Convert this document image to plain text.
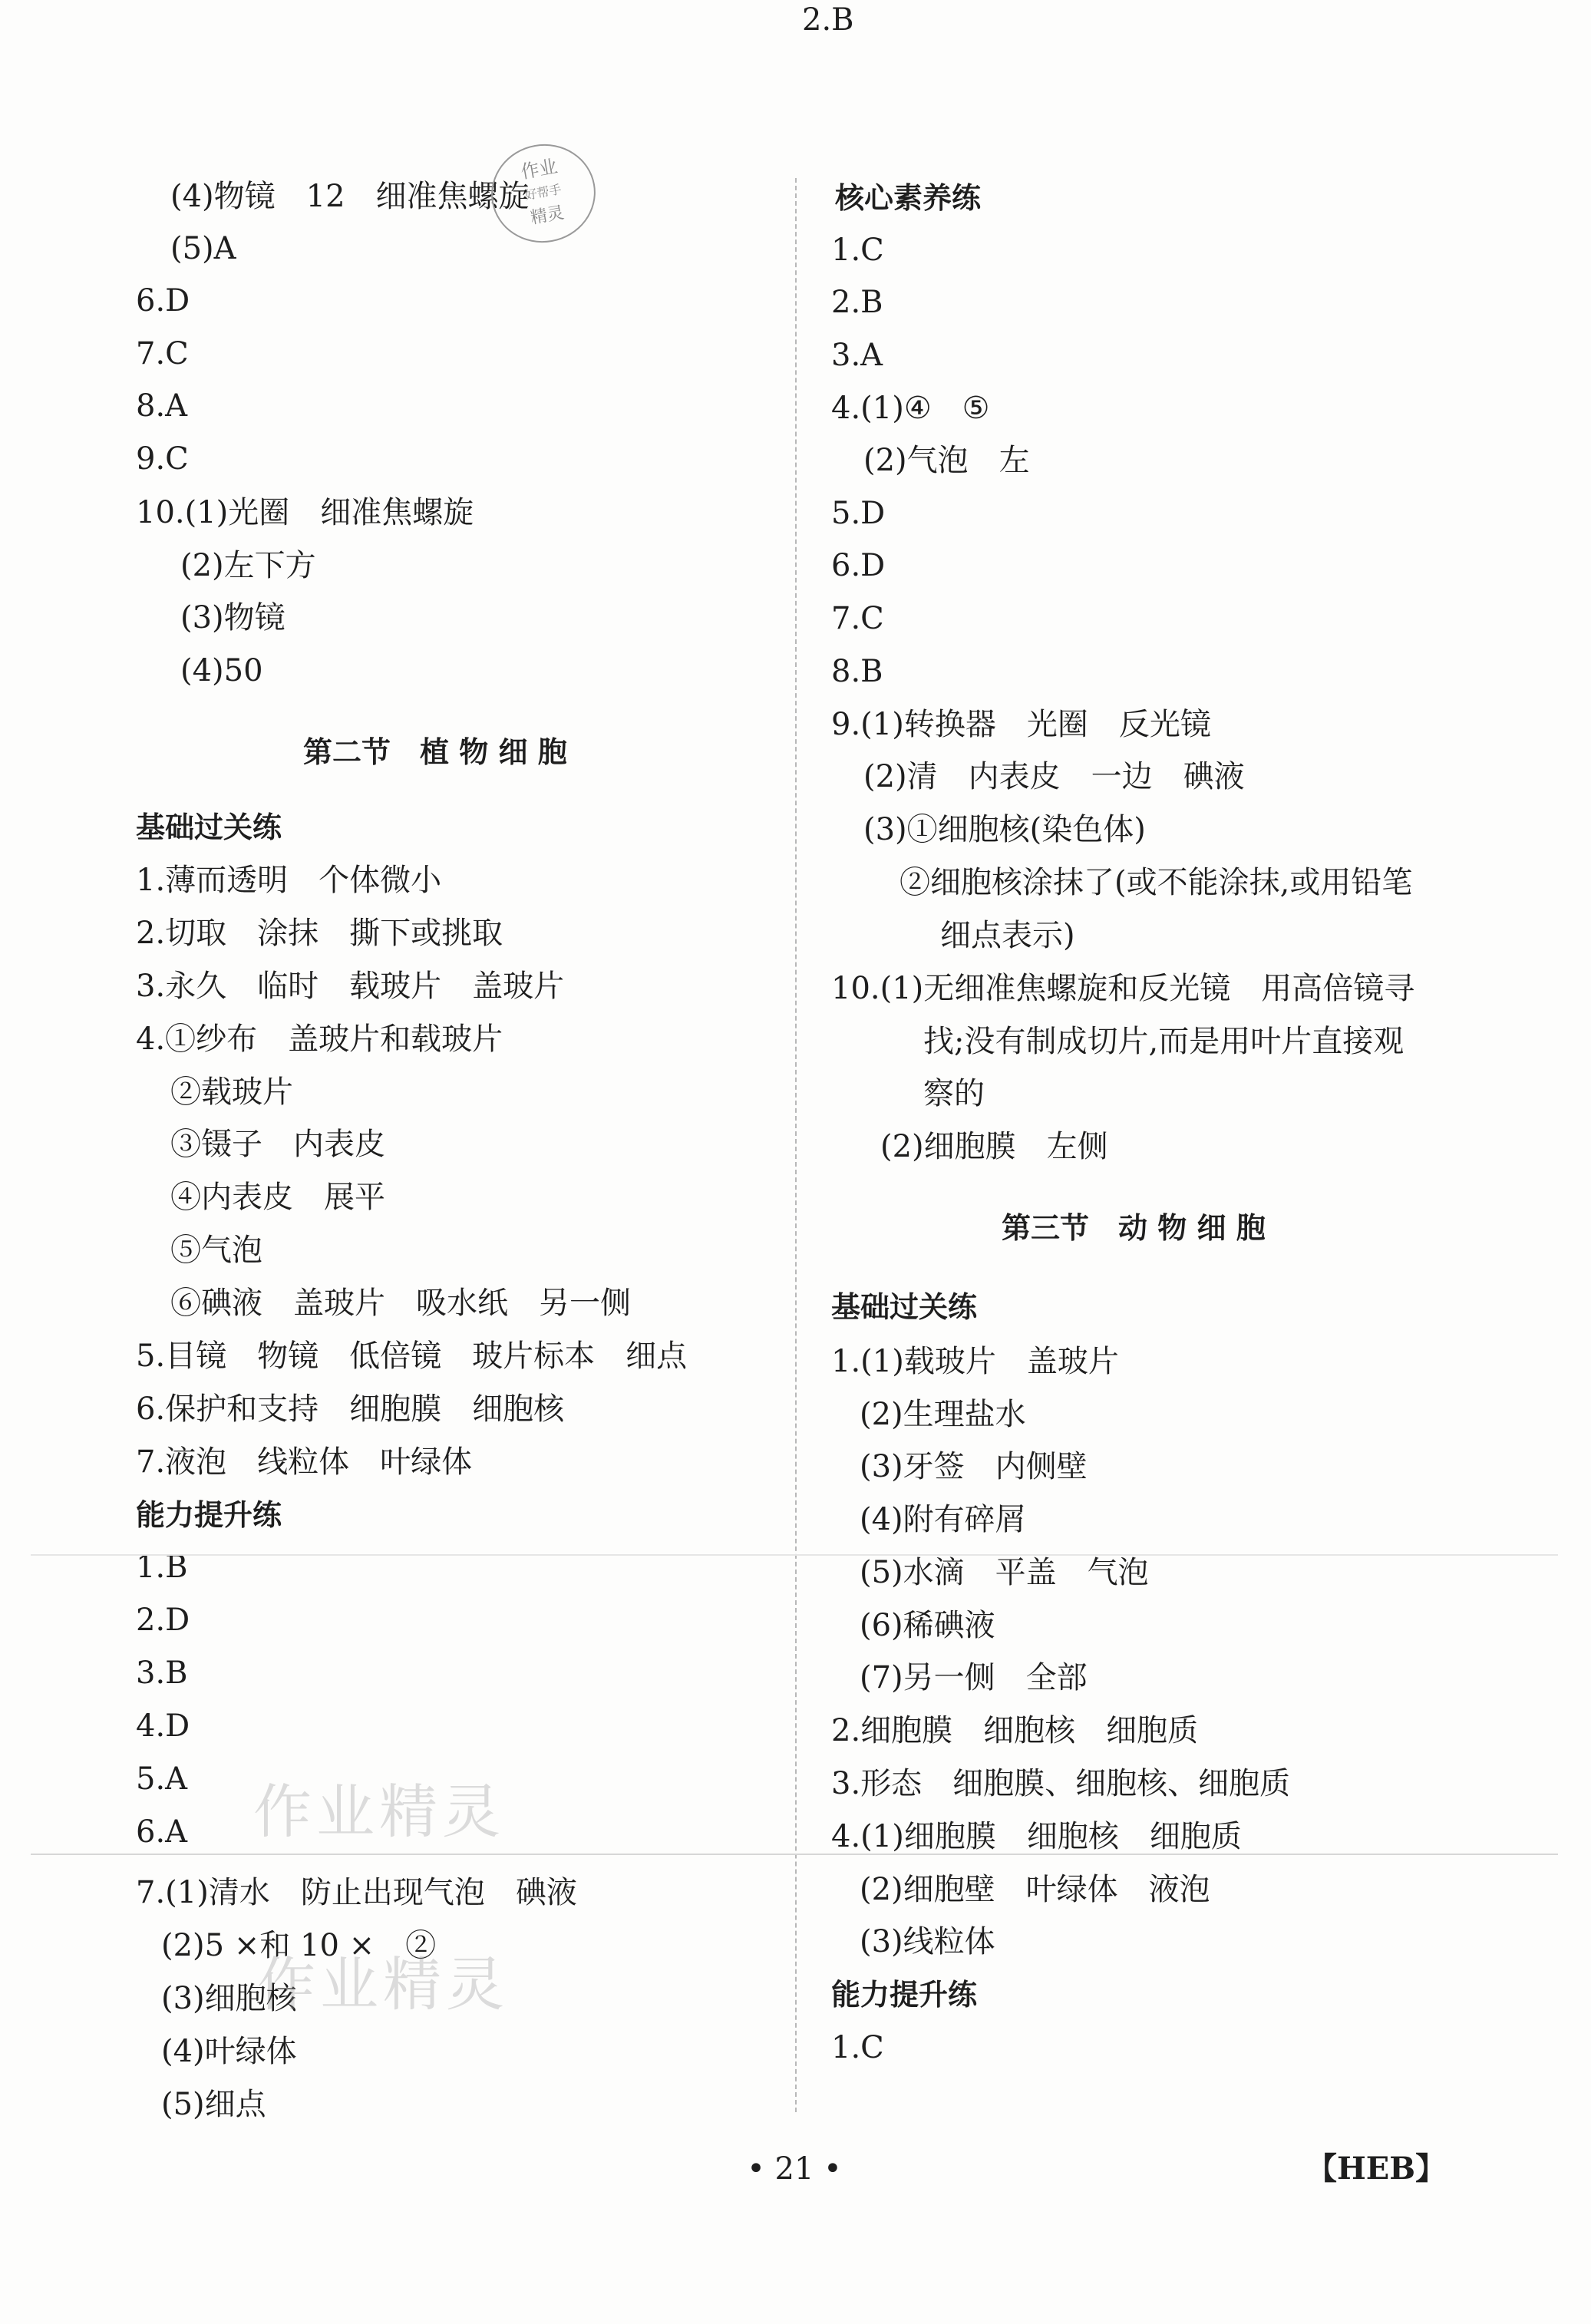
(4)物镜　12　细准焦螺旋
(5)A
6.D
7.C
8.A
9.C
10.(1)光圈　细准焦螺旋
(2)左下方
(3)物镜
(4)50
第二节　植 物 细 胞
基础过关练
1.薄而透明　个体微小
2.切取　涂抹　撕下或挑取
3.永久　临时　载玻片　盖玻片
4.①纱布　盖玻片和载玻片
②载玻片
③镊子　内表皮
④内表皮　展平
⑤气泡
⑥碘液　盖玻片　吸水纸　另一侧
5.目镜　物镜　低倍镜　玻片标本　细点
6.保护和支持　细胞膜　细胞核
7.液泡　线粒体　叶绿体
能力提升练
1.B
2.D
3.B
4.D
5.A
6.A
7.(1)清水　防止出现气泡　碘液
(2)5 ×和 10 ×　②
(3)细胞核
(4)叶绿体
(5)细点
核心素养练
1.C
2.B
3.A
4.(1)④　⑤
(2)气泡　左
5.D
6.D
7.C
8.B
9.(1)转换器　光圈　反光镜
(2)清　内表皮　一边　碘液
(3)①细胞核(染色体)
②细胞核涂抹了(或不能涂抹,或用铅笔
细点表示)
10.(1)无细准焦螺旋和反光镜　用高倍镜寻
找;没有制成切片,而是用叶片直接观
察的
(2)细胞膜　左侧
第三节　动 物 细 胞
基础过关练
1.(1)载玻片　盖玻片
(2)生理盐水
(3)牙签　内侧壁
(4)附有碎屑
(5)水滴　平盖　气泡
(6)稀碘液
(7)另一侧　全部
2.细胞膜　细胞核　细胞质
3.形态　细胞膜、细胞核、细胞质
4.(1)细胞膜　细胞核　细胞质
(2)细胞壁　叶绿体　液泡
(3)线粒体
能力提升练
1.C
2.B
作业
好帮手
精灵
作业精灵
作业精灵
• 21 •	【HEB】
